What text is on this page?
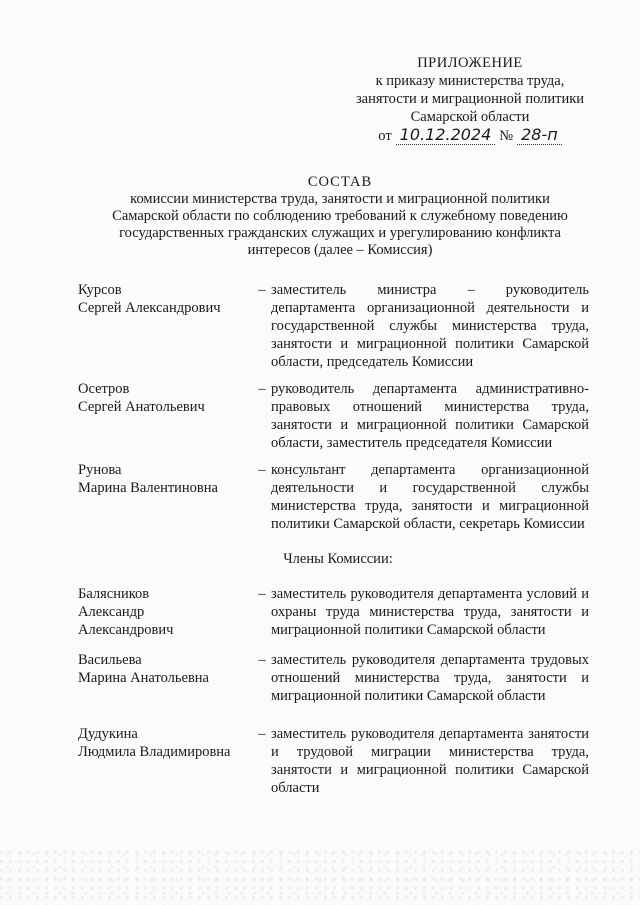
ПРИЛОЖЕНИЕ
к приказу министерства труда,
занятости и миграционной политики
Самарской области
от 10.12.2024 № 28-п
СОСТАВ
комиссии министерства труда, занятости и миграционной политики
Самарской области по соблюдению требований к служебному поведению
государственных гражданских служащих и урегулированию конфликта
интересов (далее – Комиссия)
Курсов
Сергей Александрович
– заместитель министра – руководитель департамента организационной деятельности и государственной службы министерства труда, занятости и миграционной политики Самарской области, председатель Комиссии
Осетров
Сергей Анатольевич
– руководитель департамента административно-правовых отношений министерства труда, занятости и миграционной политики Самарской области, заместитель председателя Комиссии
Рунова
Марина Валентиновна
– консультант департамента организационной деятельности и государственной службы министерства труда, занятости и миграционной политики Самарской области, секретарь Комиссии
Члены Комиссии:
Балясников
Александр
Александрович
– заместитель руководителя департамента условий и охраны труда министерства труда, занятости и миграционной политики Самарской области
Васильева
Марина Анатольевна
– заместитель руководителя департамента трудовых отношений министерства труда, занятости и миграционной политики Самарской области
Дудукина
Людмила Владимировна
– заместитель руководителя департамента занятости и трудовой миграции министерства труда, занятости и миграционной политики Самарской области
